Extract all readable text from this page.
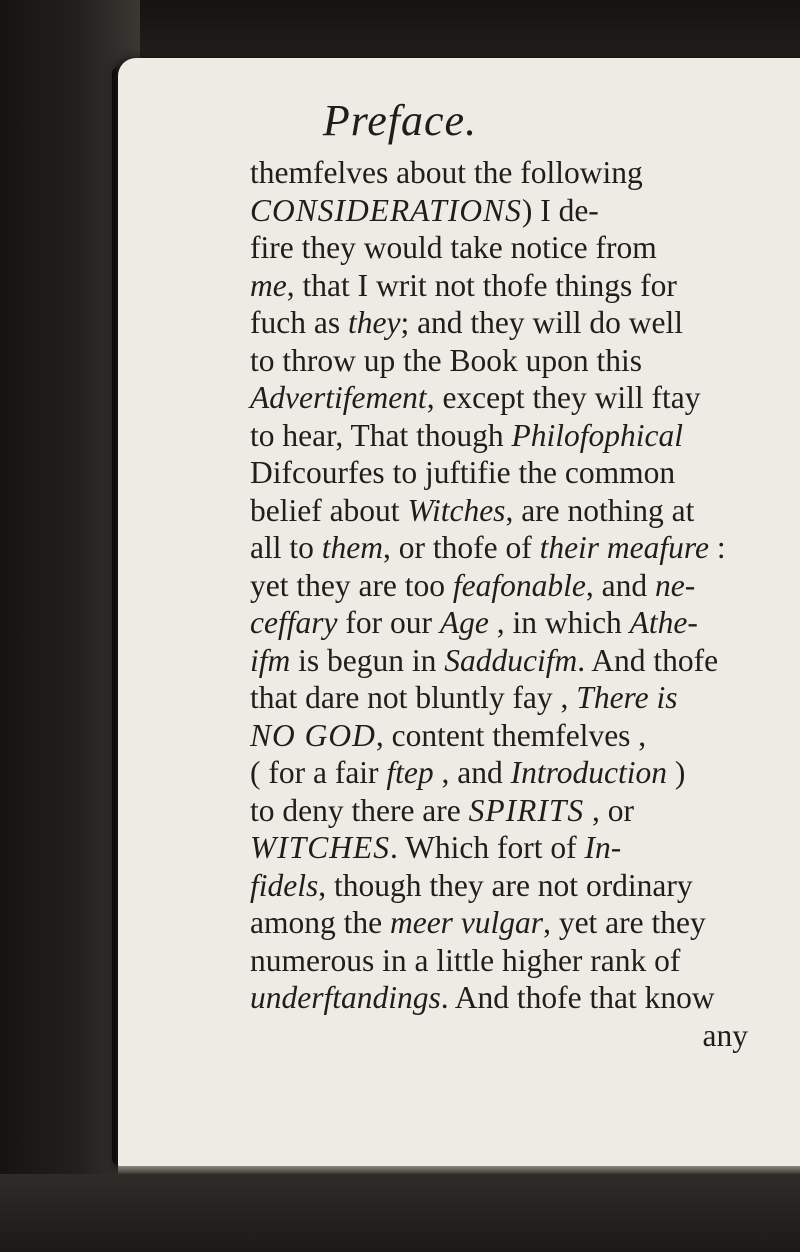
Preface.
themfelves about the following
CONSIDERATIONS) I de-
fire they would take notice from
me, that I writ not thofe things for
fuch as they; and they will do well
to throw up the Book upon this
Advertifement, except they will ftay
to hear, That though Philofophical
Difcourfes to juftifie the common
belief about Witches, are nothing at
all to them, or thofe of their meafure :
yet they are too feafonable, and ne-
ceffary for our Age , in which Athe-
ifm is begun in Sadducifm. And thofe
that dare not bluntly fay , There is
NO GOD, content themfelves ,
( for a fair ftep , and Introduction )
to deny there are SPIRITS , or
WITCHES. Which fort of In-
fidels, though they are not ordinary
among the meer vulgar, yet are they
numerous in a little higher rank of
underftandings. And thofe that know
any
